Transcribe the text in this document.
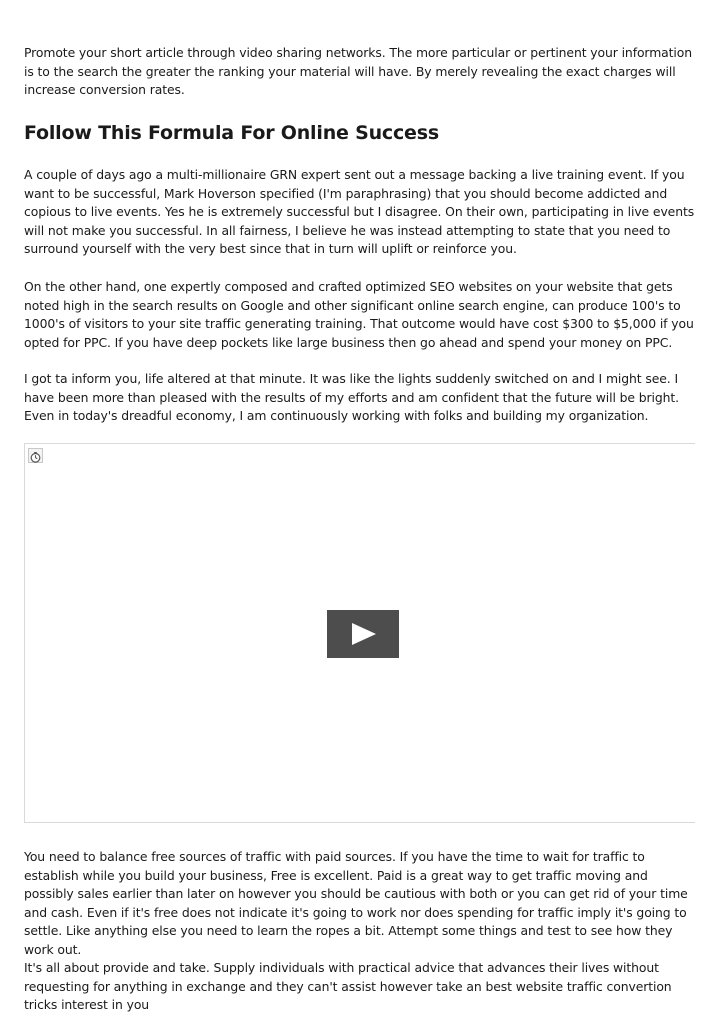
Promote your short article through video sharing networks. The more particular or pertinent your information is to the search the greater the ranking your material will have. By merely revealing the exact charges will increase conversion rates.

Follow This Formula For Online Success

A couple of days ago a multi-millionaire GRN expert sent out a message backing a live training event. If you want to be successful, Mark Hoverson specified (I'm paraphrasing) that you should become addicted and copious to live events. Yes he is extremely successful but I disagree. On their own, participating in live events will not make you successful. In all fairness, I believe he was instead attempting to state that you need to surround yourself with the very best since that in turn will uplift or reinforce you.

On the other hand, one expertly composed and crafted optimized SEO websites on your website that gets noted high in the search results on Google and other significant online search engine, can produce 100's to 1000's of visitors to your site traffic generating training. That outcome would have cost $300 to $5,000 if you opted for PPC. If you have deep pockets like large business then go ahead and spend your money on PPC.

I got ta inform you, life altered at that minute. It was like the lights suddenly switched on and I might see. I have been more than pleased with the results of my efforts and am confident that the future will be bright. Even in today's dreadful economy, I am continuously working with folks and building my organization.

You need to balance free sources of traffic with paid sources. If you have the time to wait for traffic to establish while you build your business, Free is excellent. Paid is a great way to get traffic moving and possibly sales earlier than later on however you should be cautious with both or you can get rid of your time and cash. Even if it's free does not indicate it's going to work nor does spending for traffic imply it's going to settle. Like anything else you need to learn the ropes a bit. Attempt some things and test to see how they work out.

It's all about provide and take. Supply individuals with practical advice that advances their lives without requesting for anything in exchange and they can't assist however take an best website traffic convertion tricks interest in you
